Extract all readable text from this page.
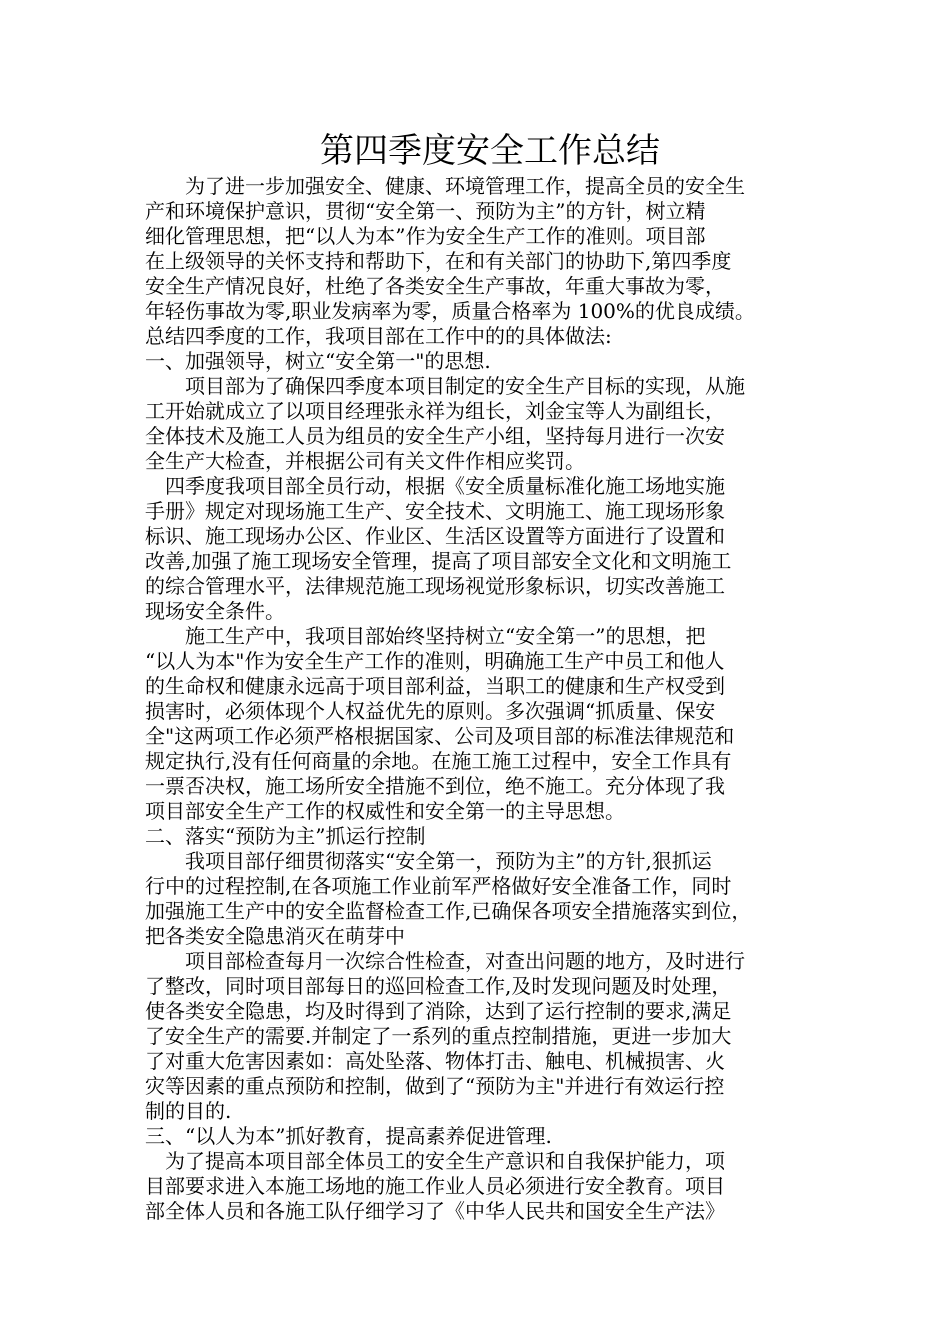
第四季度安全工作总结
　　为了进一步加强安全、健康、环境管理工作，提高全员的安全生
产和环境保护意识，贯彻“安全第一、预防为主”的方针，树立精
细化管理思想，把“以人为本”作为安全生产工作的准则。项目部
在上级领导的关怀支持和帮助下，在和有关部门的协助下,第四季度
安全生产情况良好，杜绝了各类安全生产事故，年重大事故为零，
年轻伤事故为零,职业发病率为零，质量合格率为 100%的优良成绩。
总结四季度的工作，我项目部在工作中的的具体做法:
一、加强领导，树立“安全第一"的思想.
　　项目部为了确保四季度本项目制定的安全生产目标的实现，从施
工开始就成立了以项目经理张永祥为组长，刘金宝等人为副组长，
全体技术及施工人员为组员的安全生产小组，坚持每月进行一次安
全生产大检查，并根据公司有关文件作相应奖罚。
　四季度我项目部全员行动，根据《安全质量标准化施工场地实施
手册》规定对现场施工生产、安全技术、文明施工、施工现场形象
标识、施工现场办公区、作业区、生活区设置等方面进行了设置和
改善,加强了施工现场安全管理，提高了项目部安全文化和文明施工
的综合管理水平，法律规范施工现场视觉形象标识，切实改善施工
现场安全条件。
　　施工生产中，我项目部始终坚持树立“安全第一”的思想，把
“以人为本"作为安全生产工作的准则，明确施工生产中员工和他人
的生命权和健康永远高于项目部利益，当职工的健康和生产权受到
损害时，必须体现个人权益优先的原则。多次强调“抓质量、保安
全"这两项工作必须严格根据国家、公司及项目部的标准法律规范和
规定执行,没有任何商量的余地。在施工施工过程中，安全工作具有
一票否决权，施工场所安全措施不到位，绝不施工。充分体现了我
项目部安全生产工作的权威性和安全第一的主导思想。
二、落实“预防为主”抓运行控制
　　我项目部仔细贯彻落实“安全第一，预防为主”的方针,狠抓运
行中的过程控制,在各项施工作业前军严格做好安全准备工作，同时
加强施工生产中的安全监督检查工作,已确保各项安全措施落实到位，
把各类安全隐患消灭在萌芽中
　　项目部检查每月一次综合性检查，对查出问题的地方，及时进行
了整改，同时项目部每日的巡回检查工作,及时发现问题及时处理，
使各类安全隐患，均及时得到了消除，达到了运行控制的要求,满足
了安全生产的需要.并制定了一系列的重点控制措施，更进一步加大
了对重大危害因素如：高处坠落、物体打击、触电、机械损害、火
灾等因素的重点预防和控制，做到了“预防为主"并进行有效运行控
制的目的.
三、“以人为本”抓好教育，提高素养促进管理.
　为了提高本项目部全体员工的安全生产意识和自我保护能力，项
目部要求进入本施工场地的施工作业人员必须进行安全教育。项目
部全体人员和各施工队仔细学习了《中华人民共和国安全生产法》
